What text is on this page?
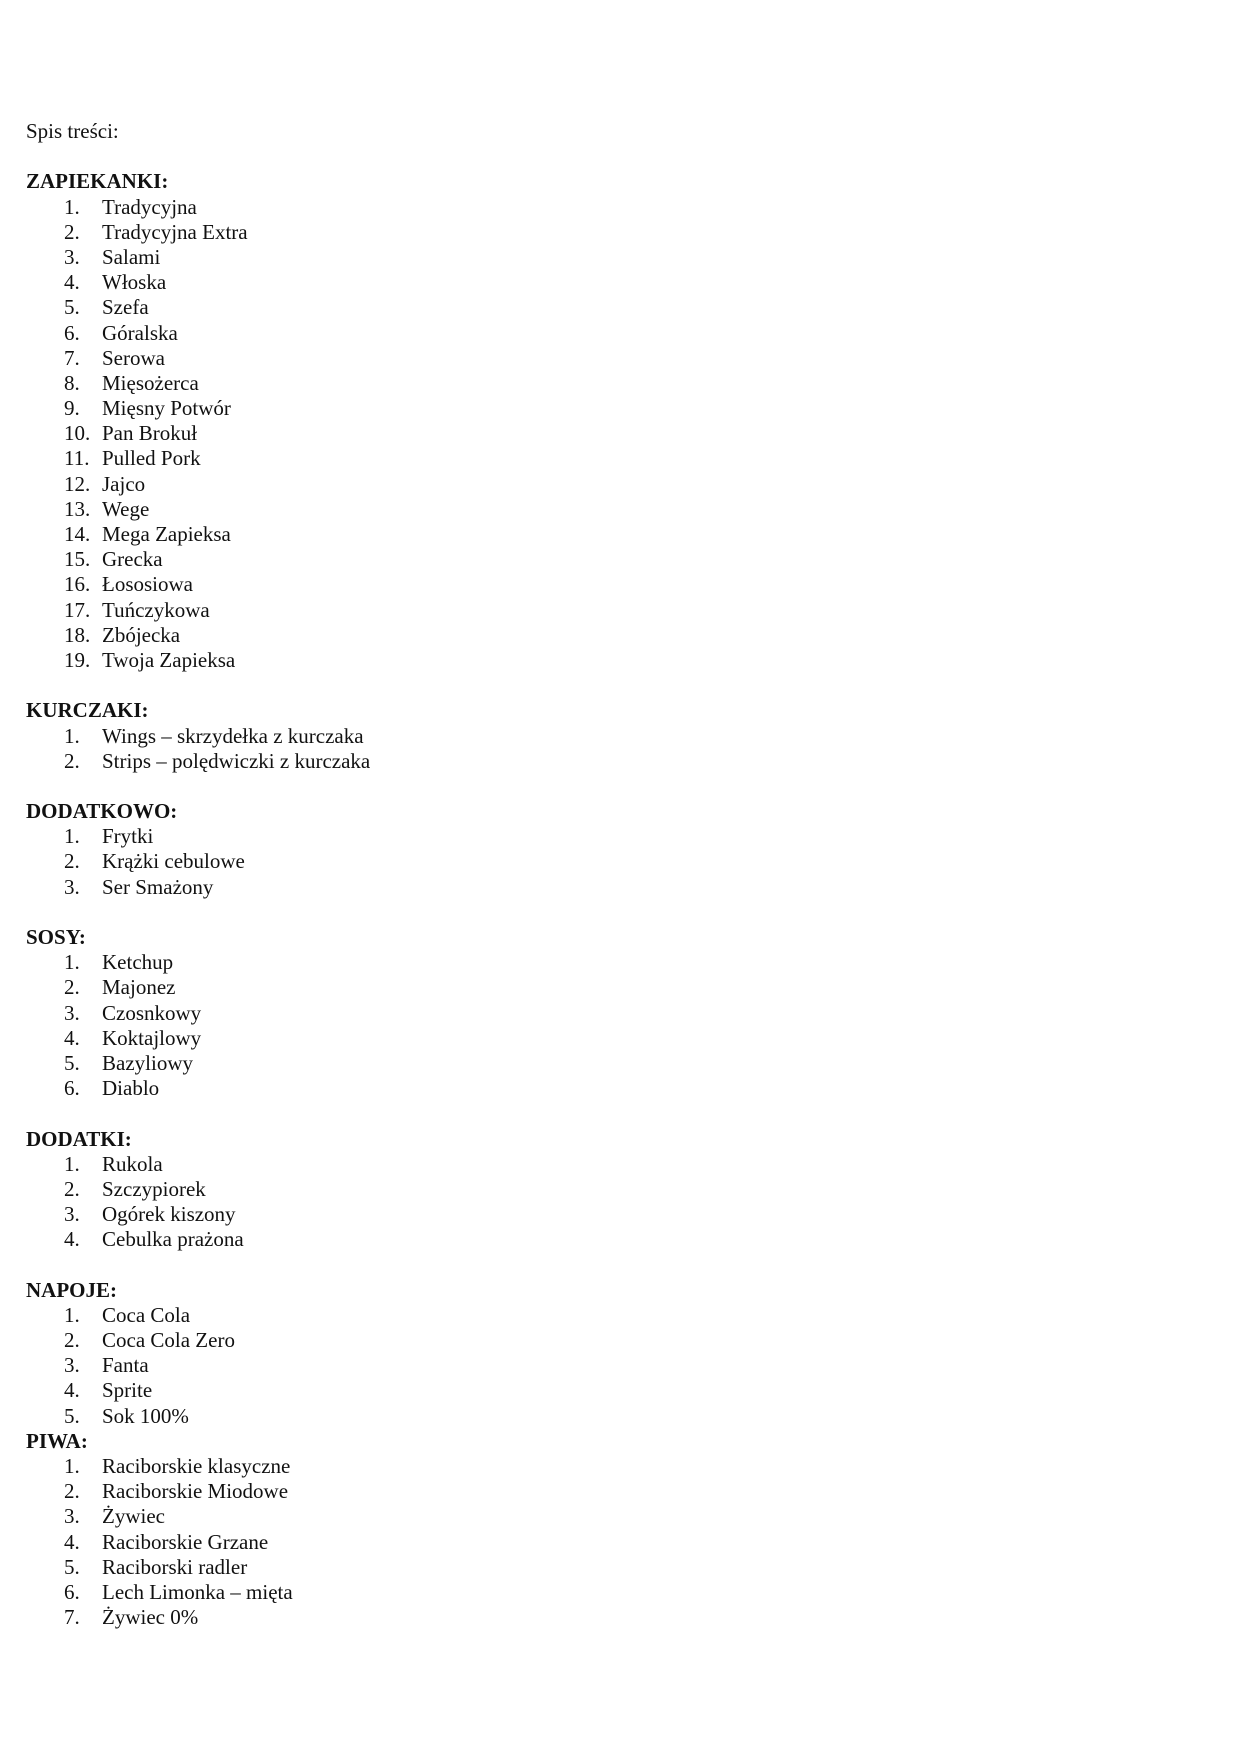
Spis treści:
ZAPIEKANKI:
1. Tradycyjna
2. Tradycyjna Extra
3. Salami
4. Włoska
5. Szefa
6. Góralska
7. Serowa
8. Mięsożerca
9. Mięsny Potwór
10. Pan Brokuł
11. Pulled Pork
12. Jajco
13. Wege
14. Mega Zapieksa
15. Grecka
16. Łososiowa
17. Tuńczykowa
18. Zbójecka
19. Twoja Zapieksa
KURCZAKI:
1. Wings – skrzydełka z kurczaka
2. Strips – polędwiczki z kurczaka
DODATKOWO:
1. Frytki
2. Krążki cebulowe
3. Ser Smażony
SOSY:
1. Ketchup
2. Majonez
3. Czosnkowy
4. Koktajlowy
5. Bazyliowy
6. Diablo
DODATKI:
1. Rukola
2. Szczypiorek
3. Ogórek kiszony
4. Cebulka prażona
NAPOJE:
1. Coca Cola
2. Coca Cola Zero
3. Fanta
4. Sprite
5. Sok 100%
PIWA:
1. Raciborskie klasyczne
2. Raciborskie Miodowe
3. Żywiec
4. Raciborskie Grzane
5. Raciborski radler
6. Lech Limonka – mięta
7. Żywiec 0%
